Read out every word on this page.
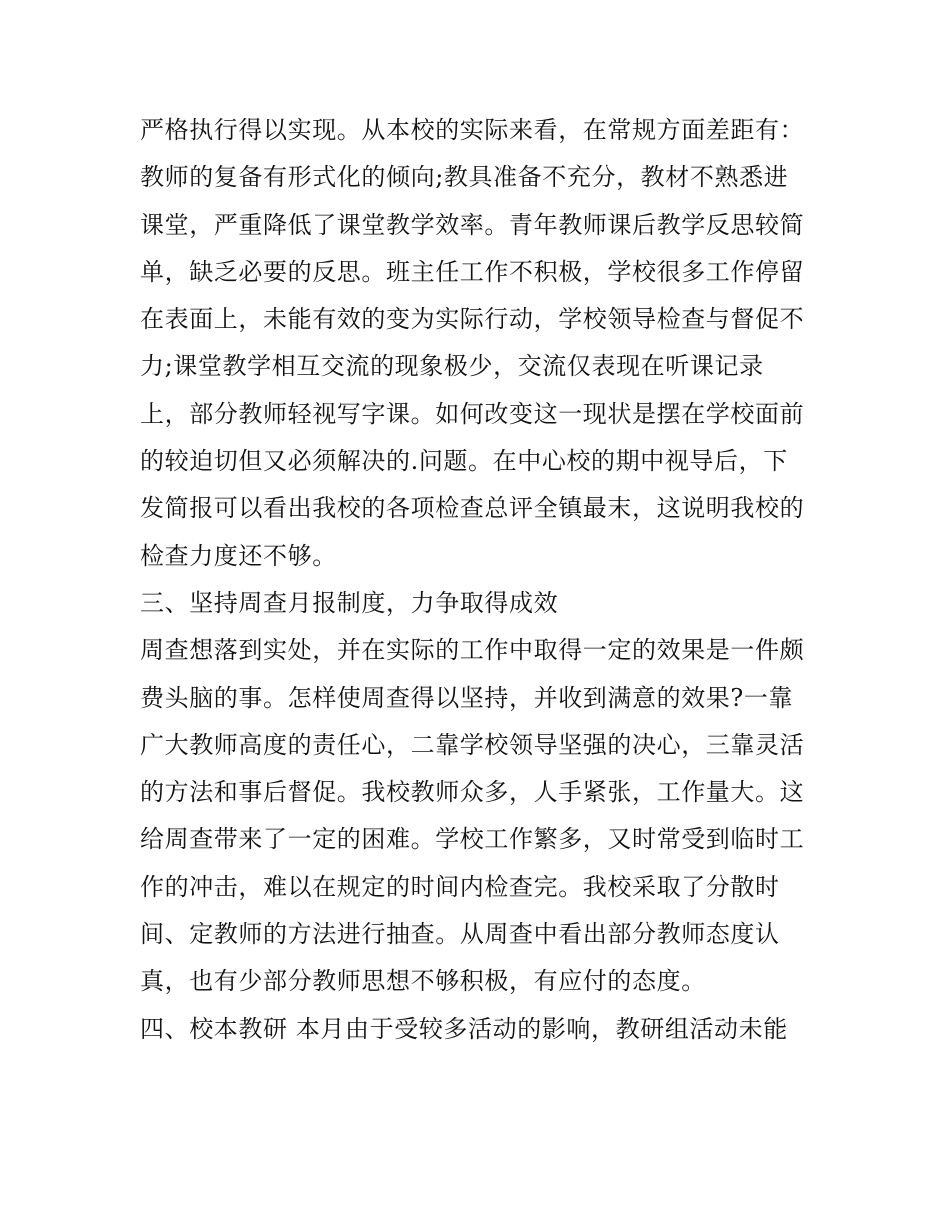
严格执行得以实现。从本校的实际来看，在常规方面差距有：
教师的复备有形式化的倾向;教具准备不充分，教材不熟悉进
课堂，严重降低了课堂教学效率。青年教师课后教学反思较简
单，缺乏必要的反思。班主任工作不积极，学校很多工作停留
在表面上，未能有效的变为实际行动，学校领导检查与督促不
力;课堂教学相互交流的现象极少，交流仅表现在听课记录
上，部分教师轻视写字课。如何改变这一现状是摆在学校面前
的较迫切但又必须解决的.问题。在中心校的期中视导后，下
发简报可以看出我校的各项检查总评全镇最末，这说明我校的
检查力度还不够。
三、坚持周查月报制度，力争取得成效
周查想落到实处，并在实际的工作中取得一定的效果是一件颇
费头脑的事。怎样使周查得以坚持，并收到满意的效果?一靠
广大教师高度的责任心，二靠学校领导坚强的决心，三靠灵活
的方法和事后督促。我校教师众多，人手紧张，工作量大。这
给周查带来了一定的困难。学校工作繁多，又时常受到临时工
作的冲击，难以在规定的时间内检查完。我校采取了分散时
间、定教师的方法进行抽查。从周查中看出部分教师态度认
真，也有少部分教师思想不够积极，有应付的态度。
四、校本教研 本月由于受较多活动的影响，教研组活动未能
